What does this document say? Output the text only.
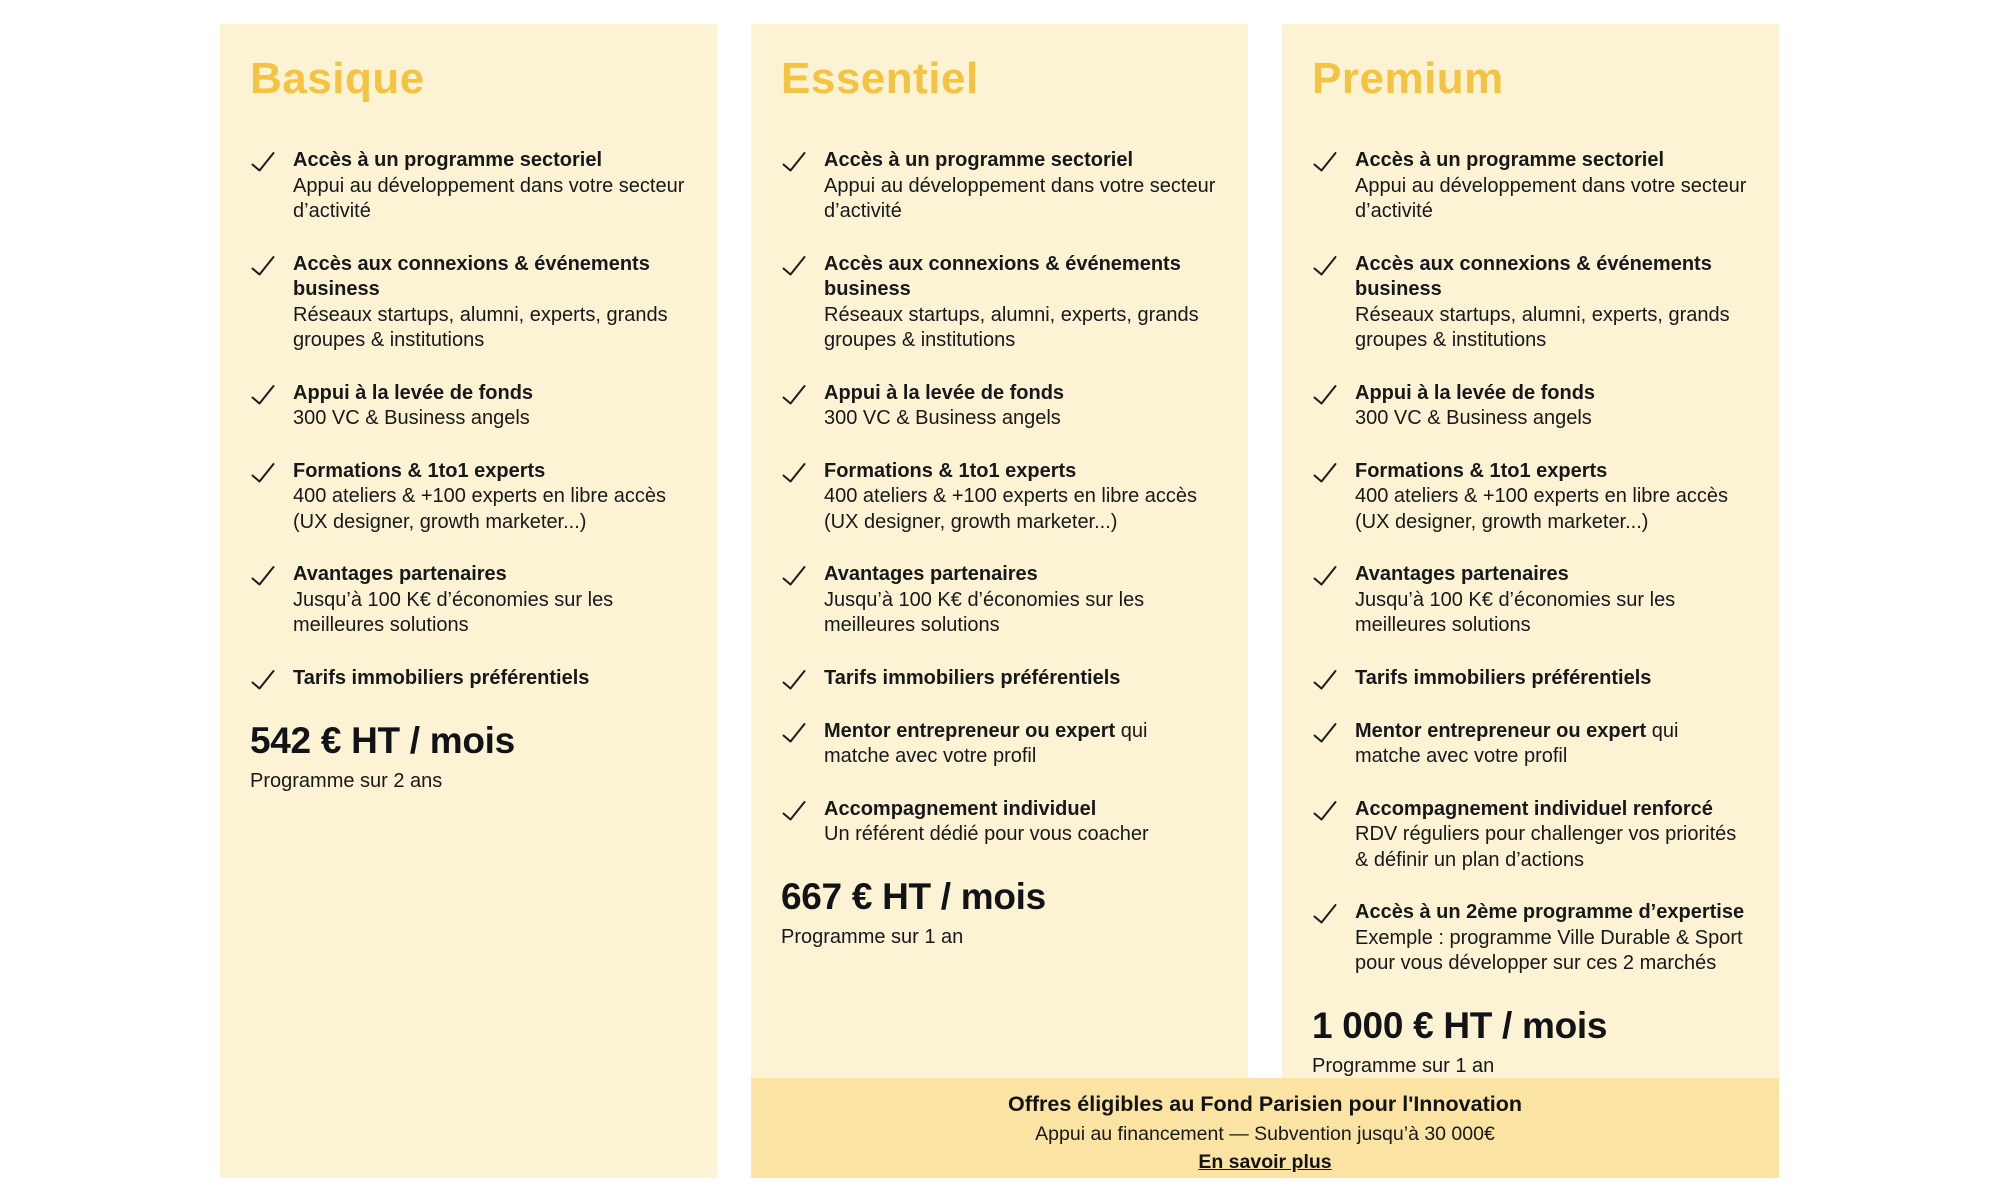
Basique
Accès à un programme sectoriel
Appui au développement dans votre secteur d’activité
Accès aux connexions & événements business
Réseaux startups, alumni, experts, grands groupes & institutions
Appui à la levée de fonds
300 VC & Business angels
Formations & 1to1 experts
400 ateliers & +100 experts en libre accès (UX designer, growth marketer...)
Avantages partenaires
Jusqu’à 100 K€ d’économies sur les meilleures solutions
Tarifs immobiliers préférentiels
542 € HT / mois
Programme sur 2 ans
Essentiel
Accès à un programme sectoriel
Appui au développement dans votre secteur d’activité
Accès aux connexions & événements business
Réseaux startups, alumni, experts, grands groupes & institutions
Appui à la levée de fonds
300 VC & Business angels
Formations & 1to1 experts
400 ateliers & +100 experts en libre accès (UX designer, growth marketer...)
Avantages partenaires
Jusqu’à 100 K€ d’économies sur les meilleures solutions
Tarifs immobiliers préférentiels
Mentor entrepreneur ou expert qui matche avec votre profil
Accompagnement individuel
Un référent dédié pour vous coacher
667 € HT / mois
Programme sur 1 an
Premium
Accès à un programme sectoriel
Appui au développement dans votre secteur d’activité
Accès aux connexions & événements business
Réseaux startups, alumni, experts, grands groupes & institutions
Appui à la levée de fonds
300 VC & Business angels
Formations & 1to1 experts
400 ateliers & +100 experts en libre accès (UX designer, growth marketer...)
Avantages partenaires
Jusqu’à 100 K€ d’économies sur les meilleures solutions
Tarifs immobiliers préférentiels
Mentor entrepreneur ou expert qui matche avec votre profil
Accompagnement individuel renforcé
RDV réguliers pour challenger vos priorités & définir un plan d’actions
Accès à un 2ème programme d’expertise
Exemple : programme Ville Durable & Sport pour vous développer sur ces 2 marchés
1 000 € HT / mois
Programme sur 1 an
Offres éligibles au Fond Parisien pour l'Innovation
Appui au financement — Subvention jusqu’à 30 000€
En savoir plus
